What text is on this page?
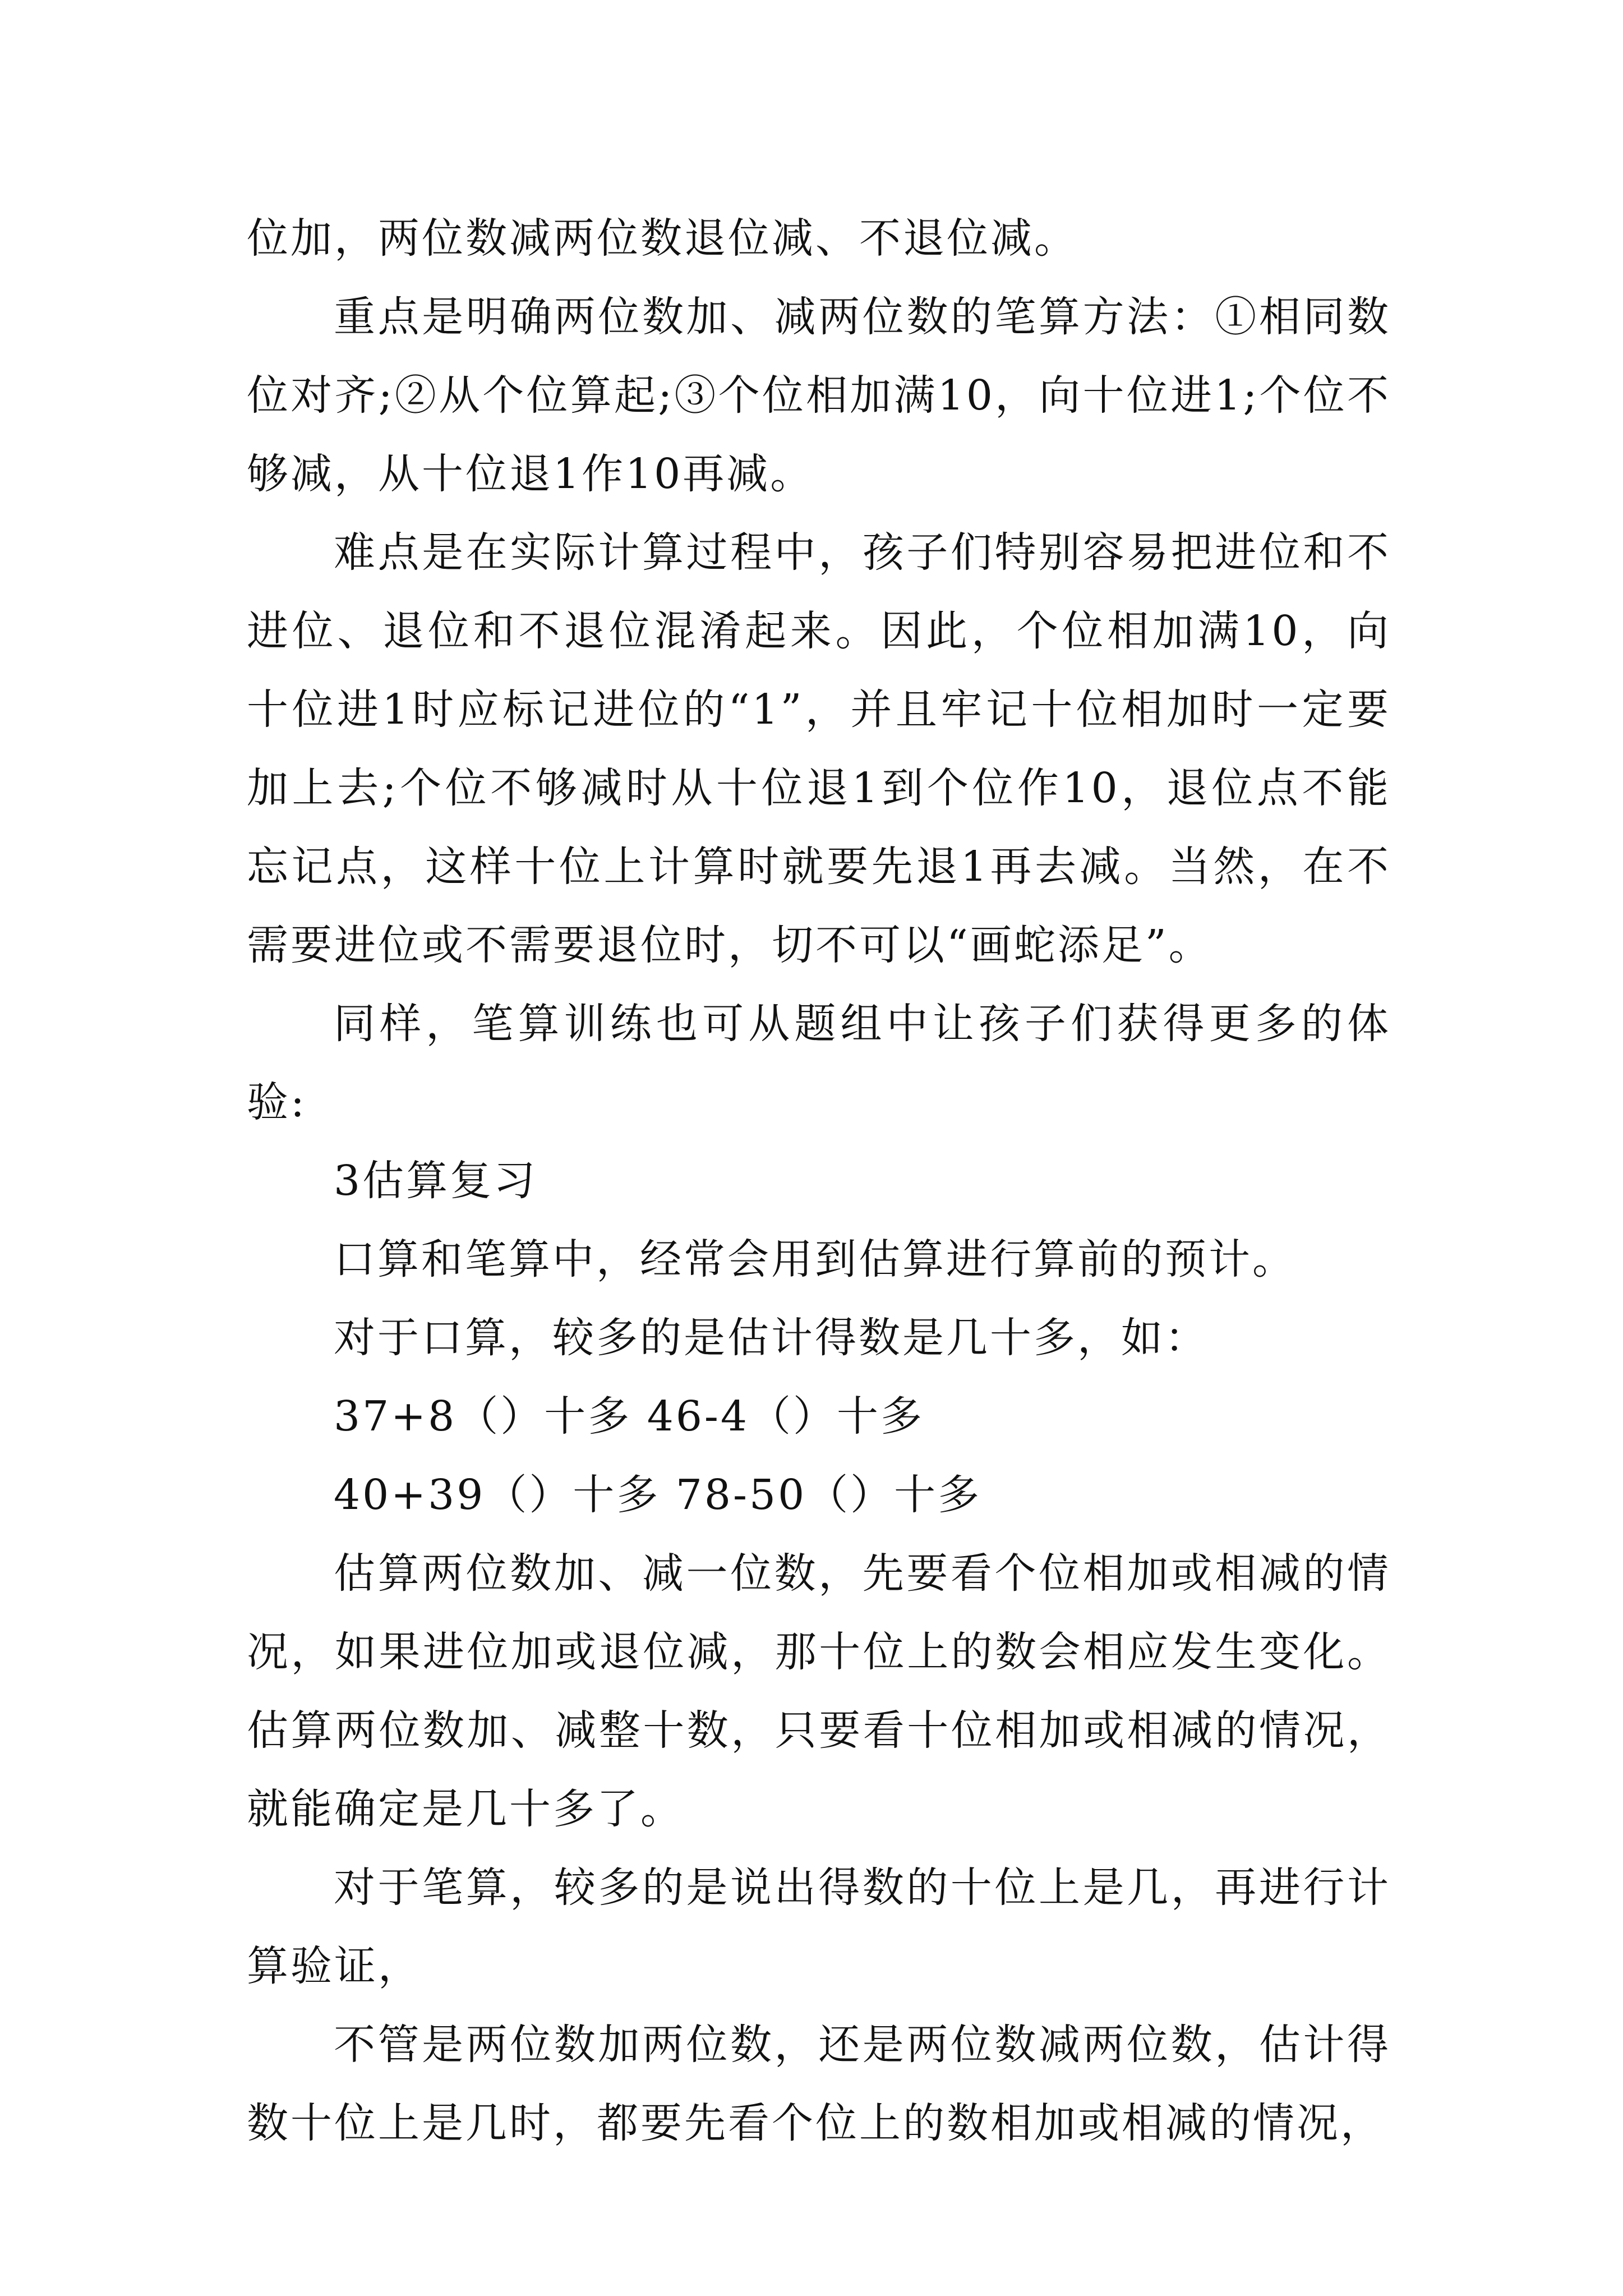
位加，两位数减两位数退位减、不退位减。

重点是明确两位数加、减两位数的笔算方法：①相同数位对齐;②从个位算起;③个位相加满10，向十位进1;个位不够减，从十位退1作10再减。

难点是在实际计算过程中，孩子们特别容易把进位和不进位、退位和不退位混淆起来。因此，个位相加满10，向十位进1时应标记进位的“1”，并且牢记十位相加时一定要加上去;个位不够减时从十位退1到个位作10，退位点不能忘记点，这样十位上计算时就要先退1再去减。当然，在不需要进位或不需要退位时，切不可以“画蛇添足”。

同样，笔算训练也可从题组中让孩子们获得更多的体验:

3估算复习

口算和笔算中，经常会用到估算进行算前的预计。

对于口算，较多的是估计得数是几十多，如：

37+8（）十多 46-4（）十多

40+39（）十多 78-50（）十多

估算两位数加、减一位数，先要看个位相加或相减的情况，如果进位加或退位减，那十位上的数会相应发生变化。估算两位数加、减整十数，只要看十位相加或相减的情况，就能确定是几十多了。

对于笔算，较多的是说出得数的十位上是几，再进行计算验证，

不管是两位数加两位数，还是两位数减两位数，估计得数十位上是几时，都要先看个位上的数相加或相减的情况，
